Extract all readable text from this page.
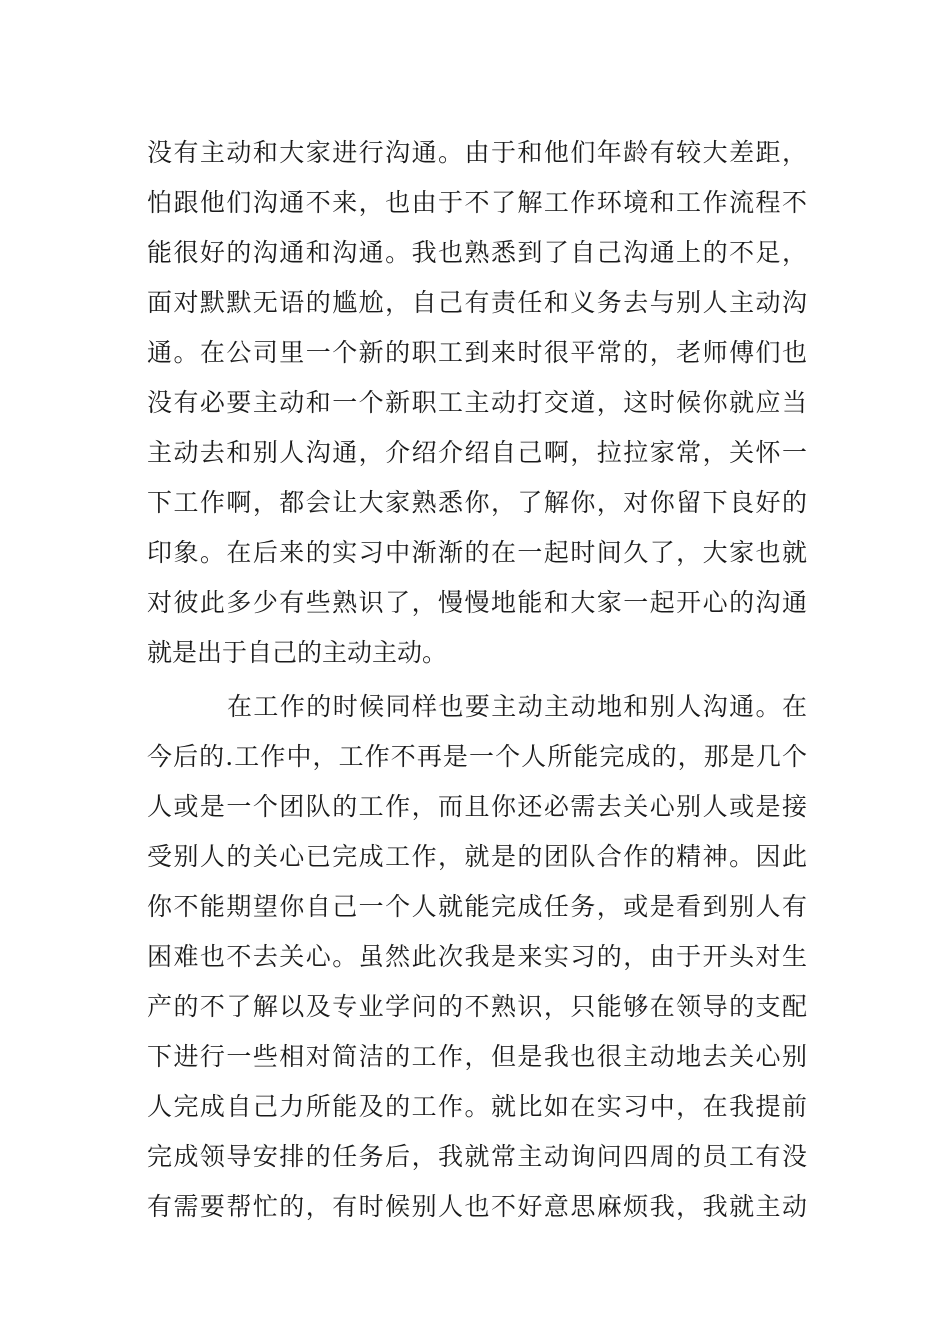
没有主动和大家进行沟通。由于和他们年龄有较大差距，
怕跟他们沟通不来，也由于不了解工作环境和工作流程不
能很好的沟通和沟通。我也熟悉到了自己沟通上的不足，
面对默默无语的尴尬，自己有责任和义务去与别人主动沟
通。在公司里一个新的职工到来时很平常的，老师傅们也
没有必要主动和一个新职工主动打交道，这时候你就应当
主动去和别人沟通，介绍介绍自己啊，拉拉家常，关怀一
下工作啊，都会让大家熟悉你，了解你，对你留下良好的
印象。在后来的实习中渐渐的在一起时间久了，大家也就
对彼此多少有些熟识了，慢慢地能和大家一起开心的沟通
就是出于自己的主动主动。
在工作的时候同样也要主动主动地和别人沟通。在
今后的.工作中，工作不再是一个人所能完成的，那是几个
人或是一个团队的工作，而且你还必需去关心别人或是接
受别人的关心已完成工作，就是的团队合作的精神。因此
你不能期望你自己一个人就能完成任务，或是看到别人有
困难也不去关心。虽然此次我是来实习的，由于开头对生
产的不了解以及专业学问的不熟识，只能够在领导的支配
下进行一些相对简洁的工作，但是我也很主动地去关心别
人完成自己力所能及的工作。就比如在实习中，在我提前
完成领导安排的任务后，我就常主动询问四周的员工有没
有需要帮忙的，有时候别人也不好意思麻烦我，我就主动
